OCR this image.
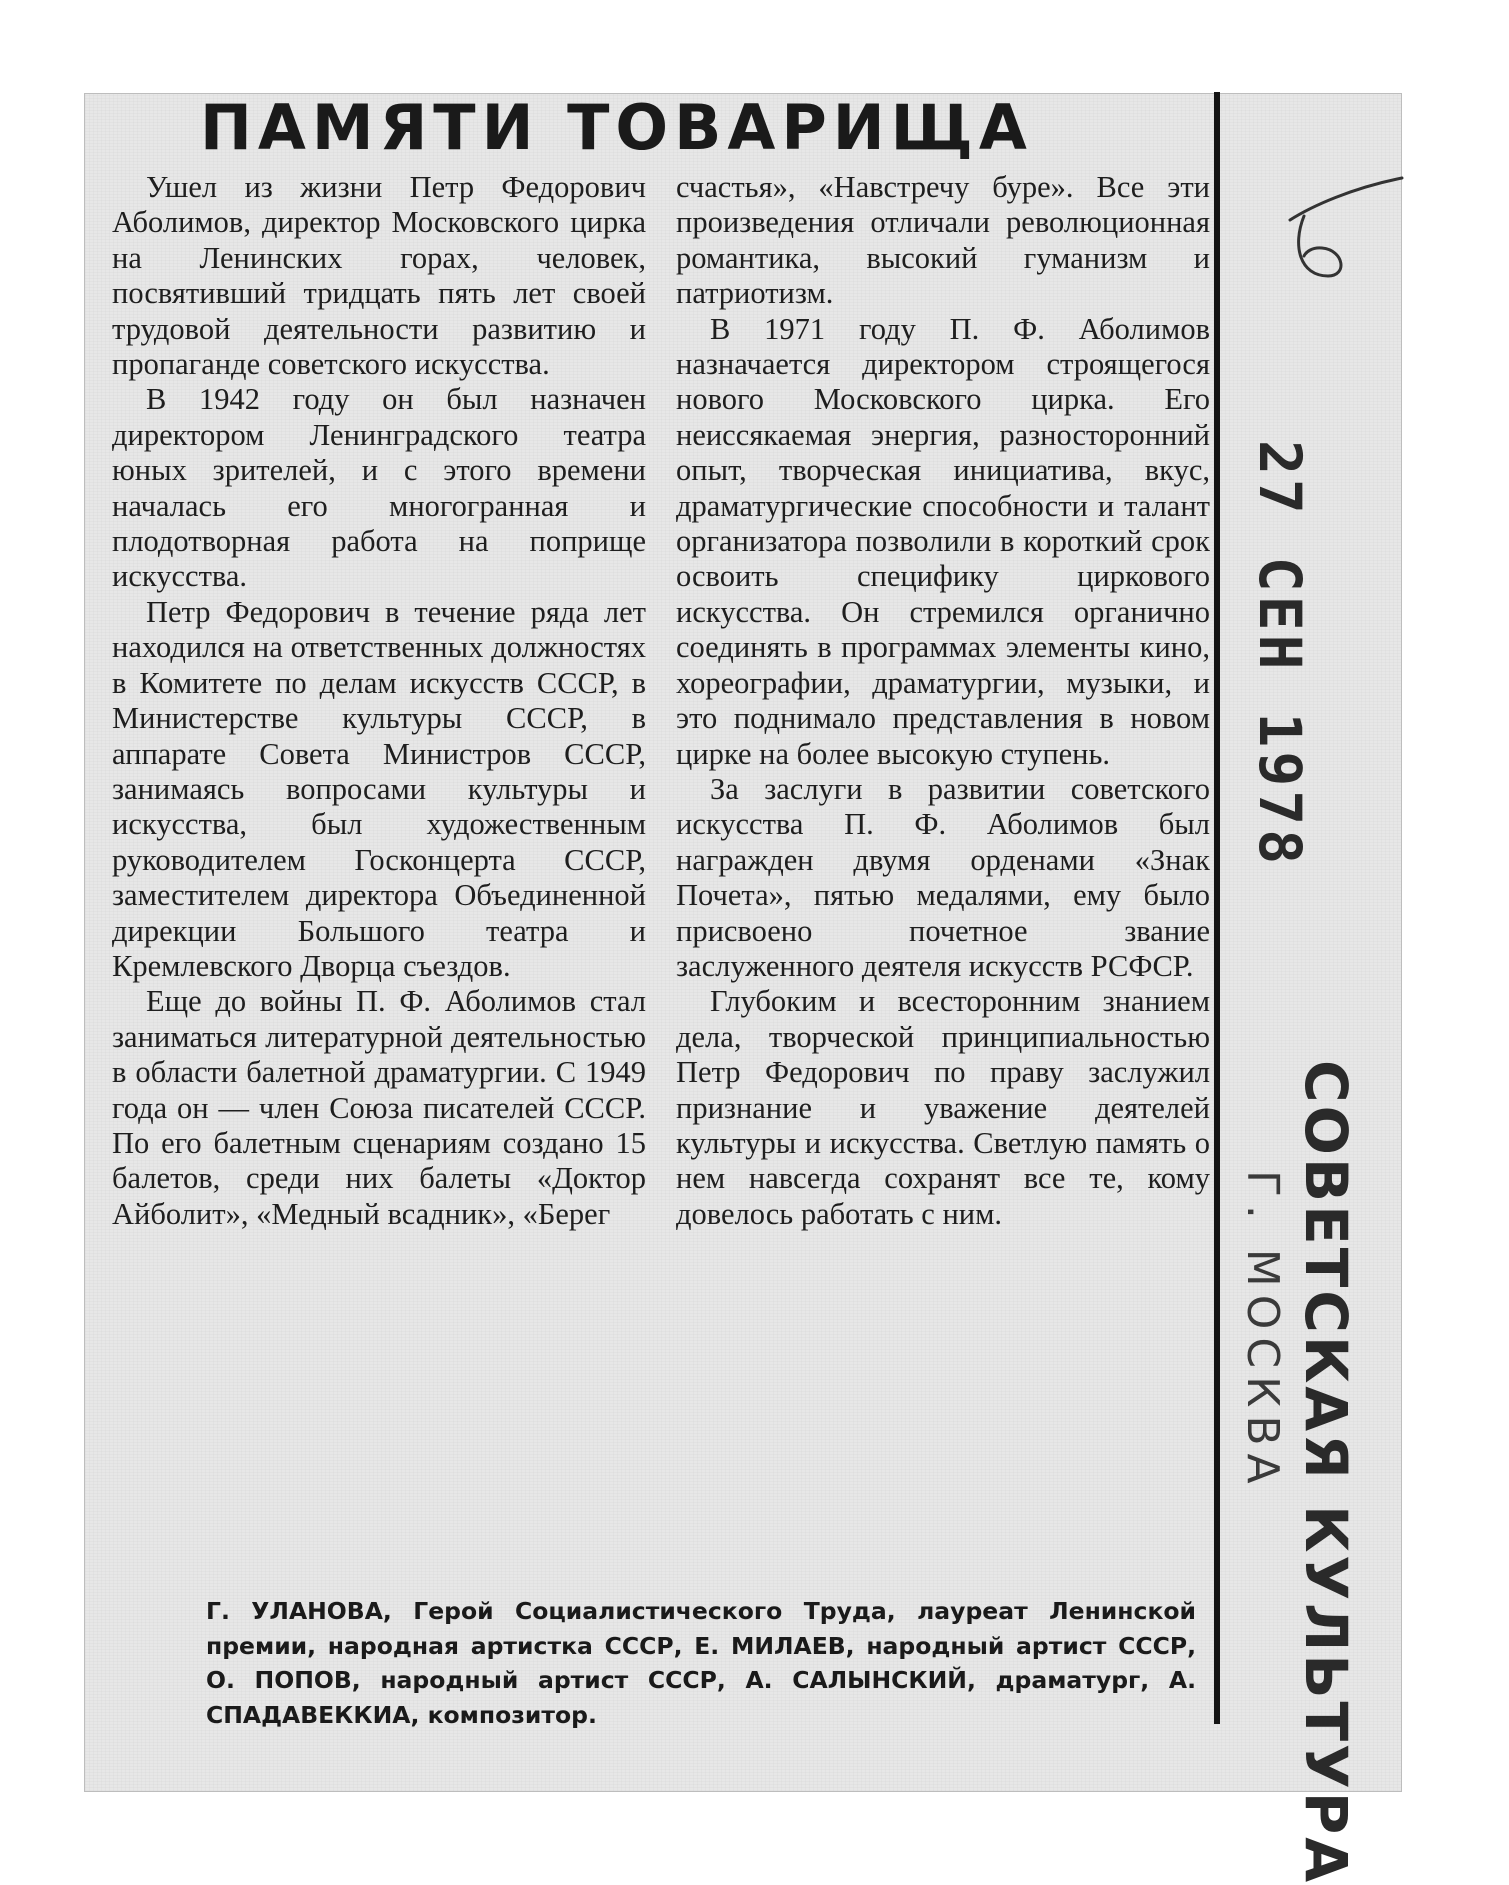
ПАМЯТИ ТОВАРИЩА

Ушел из жизни Петр Федорович Аболимов, директор Московского цирка на Ленинских горах, человек, посвятивший тридцать пять лет своей трудовой деятельности развитию и пропаганде советского искусства.

В 1942 году он был назначен директором Ленинградского театра юных зрителей, и с этого времени началась его многогранная и плодотворная работа на поприще искусства.

Петр Федорович в течение ряда лет находился на ответственных должностях в Комитете по делам искусств СССР, в Министерстве культуры СССР, в аппарате Совета Министров СССР, занимаясь вопросами культуры и искусства, был художественным руководителем Госконцерта СССР, заместителем директора Объединенной дирекции Большого театра и Кремлевского Дворца съездов.

Еще до войны П. Ф. Аболимов стал заниматься литературной деятельностью в области балетной драматургии. С 1949 года он — член Союза писателей СССР. По его балетным сценариям создано 15 балетов, среди них балеты «Доктор Айболит», «Медный всадник», «Берег

счастья», «Навстречу буре». Все эти произведения отличали революционная романтика, высокий гуманизм и патриотизм.

В 1971 году П. Ф. Аболимов назначается директором строящегося нового Московского цирка. Его неиссякаемая энергия, разносторонний опыт, творческая инициатива, вкус, драматургические способности и талант организатора позволили в короткий срок освоить специфику циркового искусства. Он стремился органично соединять в программах элементы кино, хореографии, драматургии, музыки, и это поднимало представления в новом цирке на более высокую ступень.

За заслуги в развитии советского искусства П. Ф. Аболимов был награжден двумя орденами «Знак Почета», пятью медалями, ему было присвоено почетное звание заслуженного деятеля искусств РСФСР.

Глубоким и всесторонним знанием дела, творческой принципиальностью Петр Федорович по праву заслужил признание и уважение деятелей культуры и искусства. Светлую память о нем навсегда сохранят все те, кому довелось работать с ним.

Г. УЛАНОВА, Герой Социалистического Труда, лауреат Ленинской премии, народная артистка СССР, Е. МИЛАЕВ, народный артист СССР, О. ПОПОВ, народный артист СССР, А. САЛЫНСКИЙ, драматург, А. СПАДАВЕККИА, композитор.
27 СЕН 1978
СОВЕТСКАЯ КУЛЬТУРА
Г. МОСКВА
